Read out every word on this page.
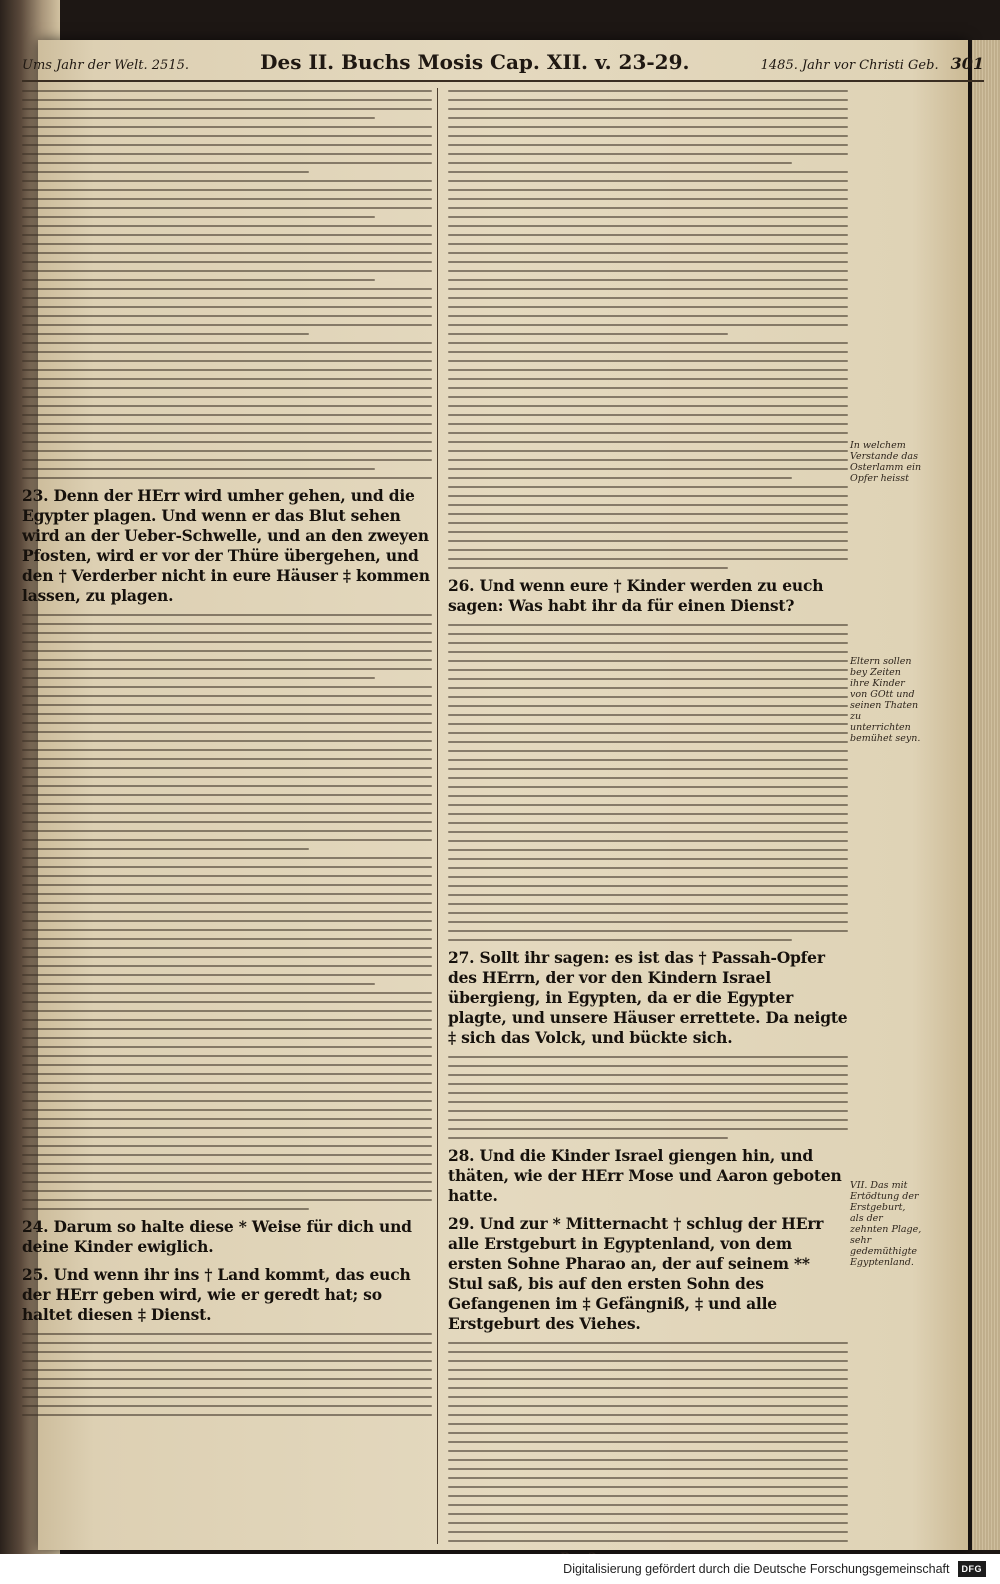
Ums Jahr der Welt. 2515.	Des II. Buchs Mosis Cap. XII. v. 23-29.	1485. Jahr vor Christi Geb. 301
23. Denn der HErr wird umher gehen, und die Egypter plagen. Und wenn er das Blut sehen wird an der Ueber-Schwelle, und an den zweyen Pfosten, wird er vor der Thüre übergehen, und den † Verderber nicht in eure Häuser ‡ kommen lassen, zu plagen.
24. Darum so halte diese * Weise für dich und deine Kinder ewiglich.
25. Und wenn ihr ins † Land kommt, das euch der HErr geben wird, wie er geredt hat; so haltet diesen ‡ Dienst.
26. Und wenn eure † Kinder werden zu euch sagen: Was habt ihr da für einen Dienst?
27. Sollt ihr sagen: es ist das † Passah-Opfer des HErrn, der vor den Kindern Israel übergieng, in Egypten, da er die Egypter plagte, und unsere Häuser errettete. Da neigte ‡ sich das Volck, und bückte sich.
28. Und die Kinder Israel giengen hin, und thäten, wie der HErr Mose und Aaron geboten hatte.
29. Und zur * Mitternacht † schlug der HErr alle Erstgeburt in Egyptenland, von dem ersten Sohne Pharao an, der auf seinem ** Stul saß, bis auf den ersten Sohn des Gefangenen im ‡ Gefängniß, ‡ und alle Erstgeburt des Viehes.
In welchem Verstande das Osterlamm ein Opfer heisst
Eltern sollen bey Zeiten ihre Kinder von GOtt und seinen Thaten zu unterrichten bemühet seyn.
VII. Das mit Ertödtung der Erstgeburt, als der zehnten Plage, sehr gedemüthigte Egyptenland.
Digitalisierung gefördert durch die Deutsche Forschungsgemeinschaft	DFG
